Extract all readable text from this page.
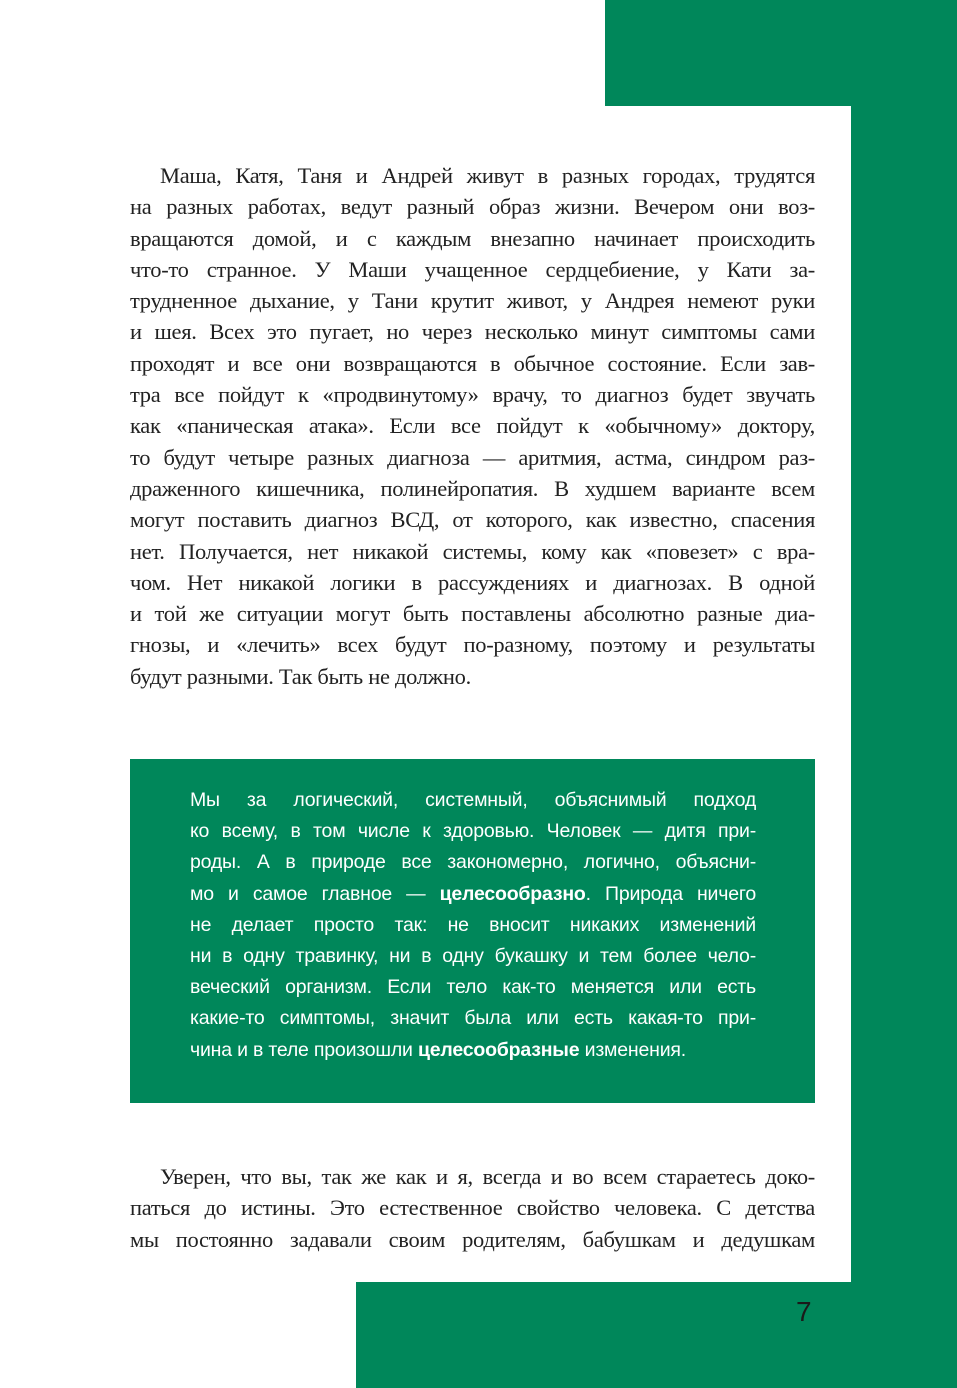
Маша, Катя, Таня и Андрей живут в разных городах, трудятся
на разных работах, ведут разный образ жизни. Вечером они воз-
вращаются домой, и с каждым внезапно начинает происходить
что-то странное. У Маши учащенное сердцебиение, у Кати за-
трудненное дыхание, у Тани крутит живот, у Андрея немеют руки
и шея. Всех это пугает, но через несколько минут симптомы сами
проходят и все они возвращаются в обычное состояние. Если зав-
тра все пойдут к «продвинутому» врачу, то диагноз будет звучать
как «паническая атака». Если все пойдут к «обычному» доктору,
то будут четыре разных диагноза — аритмия, астма, синдром раз-
драженного кишечника, полинейропатия. В худшем варианте всем
могут поставить диагноз ВСД, от которого, как известно, спасения
нет. Получается, нет никакой системы, кому как «повезет» с вра-
чом. Нет никакой логики в рассуждениях и диагнозах. В одной
и той же ситуации могут быть поставлены абсолютно разные диа-
гнозы, и «лечить» всех будут по-разному, поэтому и результаты
будут разными. Так быть не должно.
Мы за логический, системный, объяснимый подход
ко всему, в том числе к здоровью. Человек — дитя при-
роды. А в природе все закономерно, логично, объясни-
мо и самое главное — целесообразно. Природа ничего
не делает просто так: не вносит никаких изменений
ни в одну травинку, ни в одну букашку и тем более чело-
веческий организм. Если тело как-то меняется или есть
какие-то симптомы, значит была или есть какая-то при-
чина и в теле произошли целесообразные изменения.
Уверен, что вы, так же как и я, всегда и во всем стараетесь доко-
паться до истины. Это естественное свойство человека. С детства
мы постоянно задавали своим родителям, бабушкам и дедушкам
7
